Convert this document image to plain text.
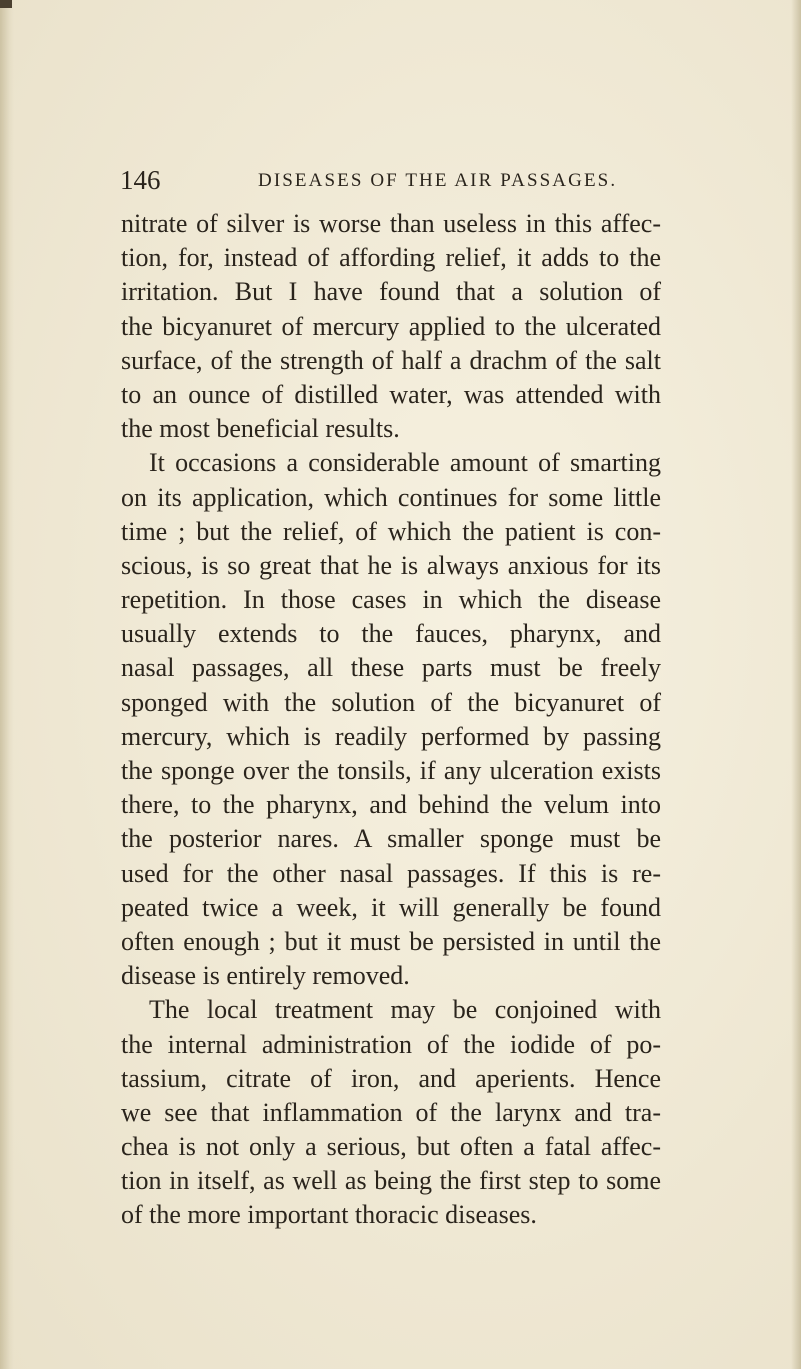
146	DISEASES OF THE AIR PASSAGES.
nitrate of silver is worse than useless in this affec-
tion, for, instead of affording relief, it adds to the
irritation. But I have found that a solution of
the bicyanuret of mercury applied to the ulcerated
surface, of the strength of half a drachm of the salt
to an ounce of distilled water, was attended with
the most beneficial results.
It occasions a considerable amount of smarting
on its application, which continues for some little
time ; but the relief, of which the patient is con-
scious, is so great that he is always anxious for its
repetition. In those cases in which the disease
usually extends to the fauces, pharynx, and
nasal passages, all these parts must be freely
sponged with the solution of the bicyanuret of
mercury, which is readily performed by passing
the sponge over the tonsils, if any ulceration exists
there, to the pharynx, and behind the velum into
the posterior nares. A smaller sponge must be
used for the other nasal passages. If this is re-
peated twice a week, it will generally be found
often enough ; but it must be persisted in until the
disease is entirely removed.
The local treatment may be conjoined with
the internal administration of the iodide of po-
tassium, citrate of iron, and aperients. Hence
we see that inflammation of the larynx and tra-
chea is not only a serious, but often a fatal affec-
tion in itself, as well as being the first step to some
of the more important thoracic diseases.
